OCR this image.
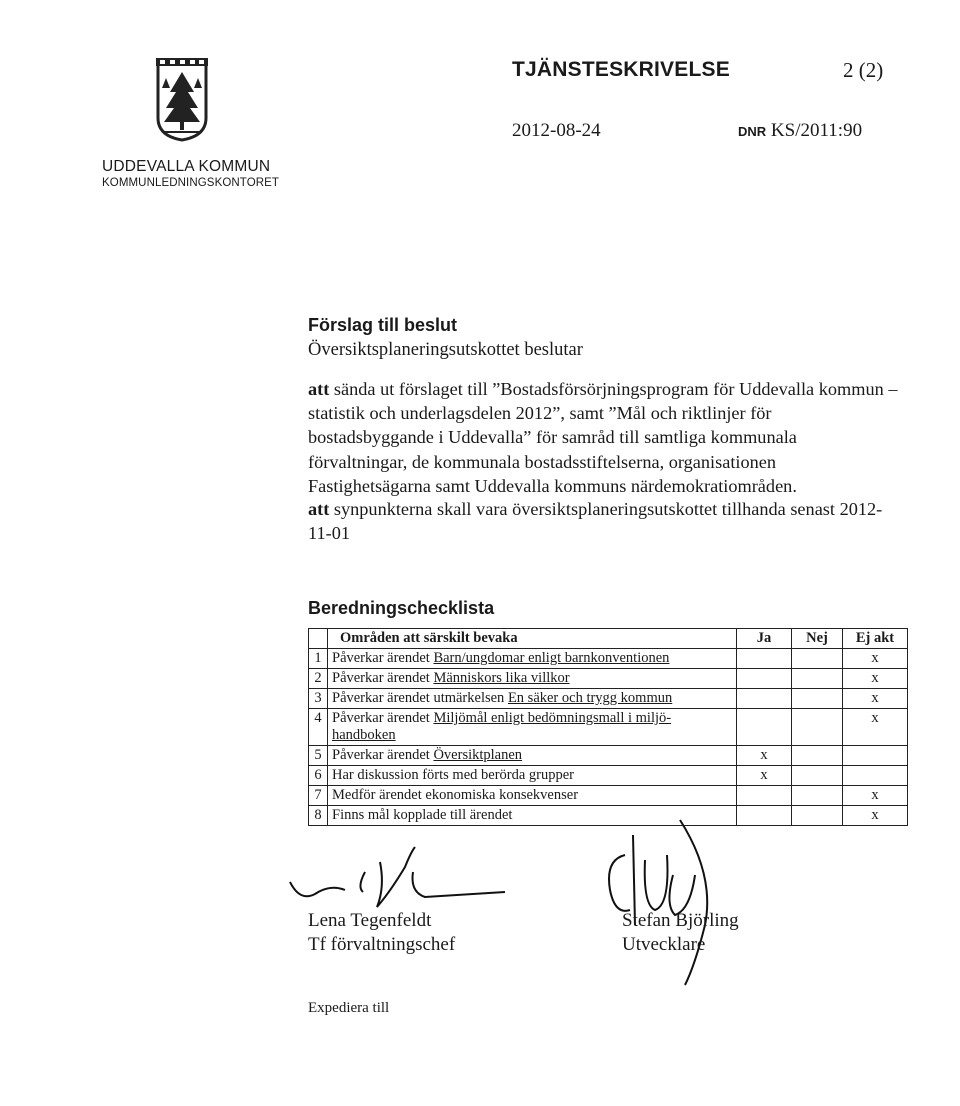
UDDEVALLA KOMMUN
KOMMUNLEDNINGSKONTORET
TJÄNSTESKRIVELSE	2 (2)
2012-08-24	DNR KS/2011:90
Förslag till beslut
Översiktsplaneringsutskottet beslutar
att sända ut förslaget till ”Bostadsförsörjningsprogram för Uddevalla kommun – statistik och underlagsdelen 2012”, samt ”Mål och riktlinjer för bostadsbyggande i Uddevalla” för samråd till samtliga kommunala förvaltningar, de kommunala bostadsstiftelserna, organisationen Fastighetsägarna samt Uddevalla kommuns närdemokratiområden.
att synpunkterna skall vara översiktsplaneringsutskottet tillhanda senast 2012-11-01
Beredningschecklista
	Områden att särskilt bevaka	Ja	Nej	Ej akt
1	Påverkar ärendet Barn/ungdomar enligt barnkonventionen			x
2	Påverkar ärendet Människors lika villkor			x
3	Påverkar ärendet utmärkelsen En säker och trygg kommun			x
4	Påverkar ärendet Miljömål enligt bedömningsmall i miljö-handboken			x
5	Påverkar ärendet Översiktplanen	x		
6	Har diskussion förts med berörda grupper	x		
7	Medför ärendet ekonomiska konsekvenser			x
8	Finns mål kopplade till ärendet			x
Lena Tegenfeldt
Tf förvaltningschef
Stefan Björling
Utvecklare
Expediera till
